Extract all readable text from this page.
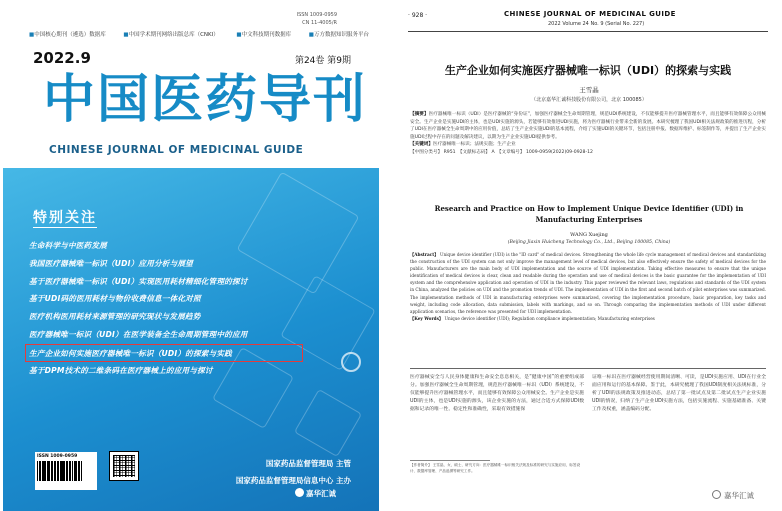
ISSN 1009-0959
CN 11-4005/R
■ 中国核心期刊（遴选）数据库	■ 中国学术期刊网络出版总库（CNKI）	■ 中文科技期刊数据库	■ 万方数据知识服务平台
2022.9	第24卷 第9期
中国医药导刊
CHINESE JOURNAL OF MEDICINAL GUIDE
特别关注
生命科学与中医药发展
我国医疗器械唯一标识（UDI）应用分析与展望
基于医疗器械唯一标识（UDI）实现医用耗材精细化管理的探讨
基于UDI码的医用耗材与物价收费信息一体化对照
医疗机构医用耗材来源管理的研究现状与发展趋势
医疗器械唯一标识（UDI）在医学装备全生命周期管理中的应用
生产企业如何实施医疗器械唯一标识（UDI）的探索与实践
基于DPM技术的二维条码在医疗器械上的应用与探讨
ISSN 1009-0959
国家药品监督管理局 主管
国家药品监督管理局信息中心 主办
嘉华汇诚
· 928 ·	CHINESE JOURNAL OF MEDICINAL GUIDE
2022 Volume 24 No. 9 (Serial No. 227)
生产企业如何实施医疗器械唯一标识（UDI）的探索与实践
王雪晶
（北京嘉华汇诚科技股份有限公司，北京 100085）
【摘要】医疗器械唯一标识（UDI）是医疗器械的“身份证”，加强医疗器械全生命周期管理，规范UDI系统建设，不仅能够提升医疗器械管理水平，而且能够有效保障公众用械安全。生产企业是实施UDI的主体，也是UDI实施的源头，若能够有效推进UDI实施，将为医疗器械行业带来全新的发展。本研究梳理了我国UDI相关法规政策的推进历程，分析了UDI在医疗器械全生命周期中的应用价值，总结了生产企业实施UDI的基本流程，介绍了实施UDI的关键环节，包括注册申报、数据库维护、标签制作等，并提出了生产企业实施UDI过程中存在的问题及解决建议，以期为生产企业实施UDI提供参考。
【关键词】医疗器械唯一标识；法规实施；生产企业
【中图分类号】 R951　【文献标志码】 A　【文章编号】 1009-0959(2022)09-0928-12
Research and Practice on How to Implement Unique Device Identifier (UDI) in Manufacturing Enterprises
WANG Xuejing
(Beijing Jiaxin Huicheng Technology Co., Ltd., Beijing 100085, China)
【Abstract】 Unique device identifier (UDI) is the "ID card" of medical devices. Strengthening the whole life cycle management of medical devices and standardizing the construction of the UDI system can not only improve the management level of medical devices, but also effectively ensure the safety of medical devices for the public. Manufacturers are the main body of UDI implementation and the source of UDI implementation. Taking effective measures to ensure that the unique identification of medical devices is clear, clean and readable during the operation and use of medical devices is the basic guarantee for the implementation of UDI system and the comprehensive application and operation of UDI in the industry. This paper reviewed the relevant laws, regulations and standards of the UDI system in China, analyzed the policies on UDI and the promotion trends of UDI. The implementation of UDI in the first and second batch of pilot enterprises was summarized. The implementation methods of UDI in manufacturing enterprises were summarized, covering the implementation procedure, basic preparation, key tasks and weight, including code allocation, data submission, labels with markings, and so on. Through comparing the implementation methods of UDI under different application scenarios, the reference was presented for UDI implementation.
【Key Words】 Unique device identifier (UDI); Regulation compliance implementation; Manufacturing enterprises
医疗器械安全与人民身体健康和生命安全息息相关，是“健康中国”的重要组成部分。加强医疗器械全生命周期管理，规范医疗器械唯一标识（UDI）系统建设，不仅能够提升医疗器械管理水平，而且能够有效保障公众用械安全。生产企业是实施UDI的主体，也是UDI实施的源头，该企业实施的方法，通过合适方式保障UDI数据和记录的唯一性、稳定性和准确性，采取有效措施保
证唯一标识在医疗器械经营使用期间清晰、可读，是UDI实施应用、UDI在行业全面应用和运行的基本保障。鉴于此，本研究梳理了我国UDI制度相关法规标准，分析了UDI的法规政策及推进动态，总结了第一批试点及第二批试点生产企业实施UDI的情况，归纳了生产企业UDI实施方法，包括实施流程、实施基础准备、关键工作及权重，涵盖编码分配、
【作者简介】 王雪晶，女，硕士，研究方向：医疗器械唯一标识相关法规及标准的研究与实施应用，标签设计、数据库管理、产品追溯等研究工作。
嘉华汇诚
